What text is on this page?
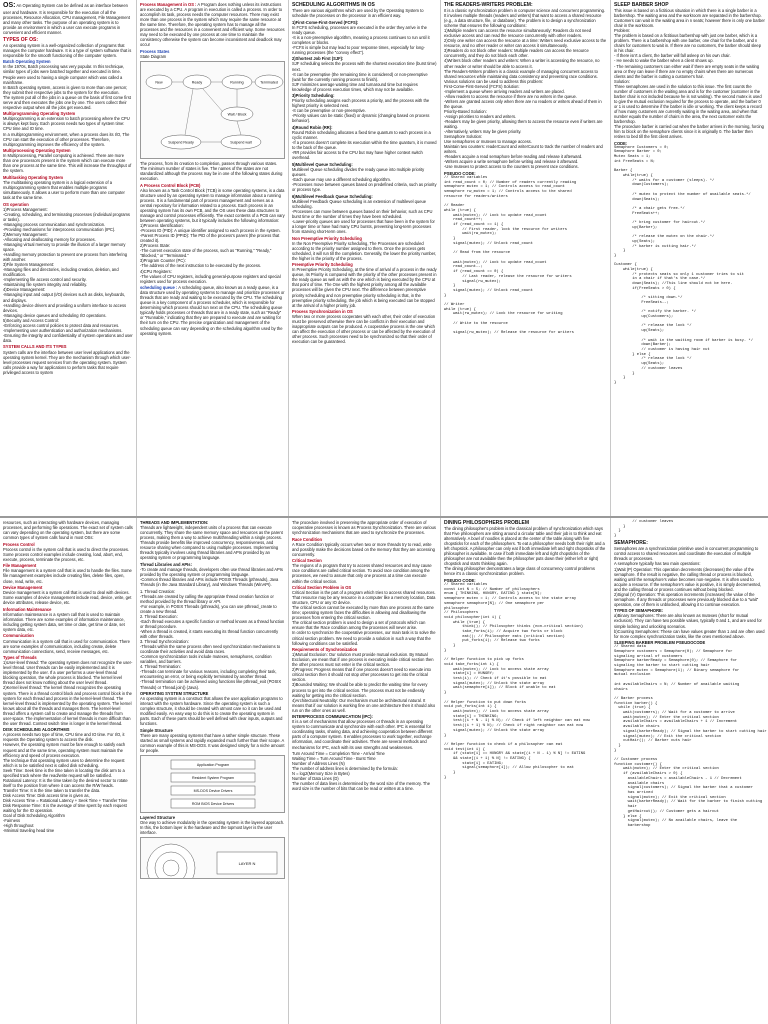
OS: An Operating System can be defined as an interface between user and hardware. It is responsible for the execution of all the processes, Resource Allocation, CPU management, File Management and many other tasks. The purpose of an operating system is to provide an environment in which a user can execute programs in convenient and efficient manner.
TYPES OF OS:

An operating system is a well-organized collection of programs that manages the computer hardware. It is a type of system software that is responsible for the smooth functioning of the computer system.

Batch Operating System

In the 1970s, Batch processing was very popular. In this technique, similar types of jobs were batched together and executed in time. People were used to having a single computer which was called a mainframe.
In Batch operating system, access is given to more than one person; they submit their respective jobs to the system for the execution.
The system put all of the jobs in a queue on the basis of first come first serve and then executes the jobs one by one. The users collect their respective output when all the jobs get executed.

Multiprogramming Operating System

Multiprogramming is an extension to batch processing where the CPU is always kept busy. Each process needs two types of system time: CPU time and IO time.
In a multiprogramming environment, when a process does its I/O, The CPU can start the execution of other processes. Therefore, multiprogramming improves the efficiency of the system.

Multiprocessing Operating System

In Multiprocessing, Parallel computing is achieved. There are more than one processors present in the system which can execute more than one process at the same time. This will increase the throughput of the system.

Multitasking Operating System

The multitasking operating system is a logical extension of a multiprogramming system that enables multiple programs simultaneously. It allows a user to perform more than one computer task at the same time.

OS operation

1)Process Management:
-Creating, scheduling, and terminating processes (individual programs or tasks).
-Managing process communication and synchronization.
-Providing mechanisms for interprocess communication (IPC).
2)Memory Management:
-Allocating and deallocating memory for processes.
-Managing virtual memory to provide the illusion of a larger memory space.
-Handling memory protection to prevent one process from interfering with another.
3)File System Management:
-Managing files and directories, including creation, deletion, and modification.
-Implementing file access control and security.
-Maintaining file system integrity and reliability.
4)Device Management:
-Managing input and output (I/O) devices such as disks, keyboards, and displays.
-Handling device drivers and providing a uniform interface to access devices.
-Managing device queues and scheduling I/O operations.
5)Security and Access Control:
-Enforcing access control policies to protect data and resources.
-Implementing user authentication and authorization mechanisms.
-Ensuring the integrity and confidentiality of system operations and user data.

SYSTEM CALLS AND ITS TYPES

System calls are the interface between user level applications and the operating system kernel. They are the mechanism through which user-level processes request services from the operating system. System calls provide a way for applications to perform tasks that require privileged access to system

Process Management in OS : A Program does nothing unless its instructions are executed by a CPU. A program in execution is called a process. In order to accomplish its task, process needs the computer resources. There may exist more than one process in the system which may require the same resource at the same time. Therefore, the operating system has to manage all the processes and the resources in a convenient and efficient way. Some resources may need to be executed by one process at one time to maintain the consistency otherwise the system can become inconsistent and deadlock may occur
Process States

State Diagram

New	Ready	Running	Terminated
Wait / Block
Suspend Ready	Suspend wait

The process, from its creation to completion, passes through various states. The minimum number of states is five. The names of the states are not standardized although the process may be in one of the following states during execution.

A Process Control Block (PCB)

Also known as a Task Control Block (TCB) in some operating systems, is a data structure used by an operating system to manage information about a running process. It is a fundamental part of process management and serves as a central repository for information related to a process. Each process in an operating system has its own PCB, and the OS uses these data structures to manage and control processes efficiently. The exact contents of a PCB can vary between operating systems, but it typically includes the following information:
1)Process Identification:
-Process ID (PID): A unique identifier assigned to each process in the system.
-Parent Process ID (PPID): The PID of the process's parent (the process that created it).
2)Process State:
-The current execution state of the process, such as "Running," "Ready," "Blocked," or "Terminated."
3)Program Counter (PC):
-The address of the next instruction to be executed by the process.
4)CPU Registers:
-The values of CPU registers, including general-purpose registers and special registers used for process execution.

scheduling queue : A scheduling queue, also known as a ready queue, is a data structure used by operating systems to manage and prioritize processes or threads that are ready and waiting to be executed by the CPU. The scheduling queue is a key component of a process scheduler, which is responsible for determining which process should run next on the CPU. The scheduling queue typically holds processes or threads that are in a ready state, such as "Ready" or "Runnable," indicating that they are prepared to execute and are waiting for their turn on the CPU. The precise organization and management of the scheduling queue can vary depending on the scheduling algorithm used by the operating system.
SCHEDULING ALGORITHMS IN OS

There are various algorithms which are used by the Operating System to schedule the processes on the processor in an efficient way.

1)First-Come-First-Served (FCFS):

In FCFS scheduling, processes are executed in the order they arrive in the ready queue.
-It is a non-preemptive algorithm, meaning a process continues to run until it completes or blocks.
-FCFS is simple but may lead to poor response times, especially for long-running processes (the "convoy effect").

2)Shortest Job First (SJF):

SJF scheduling selects the process with the shortest execution time (burst time) next.
-It can be preemptive (the remaining time is considered) or non-preemptive (wait for the currently running process to finish).
SJF minimizes average waiting time and turnaround time but requires knowledge of process execution times, which may not be available.

3)Priority Scheduling:

Priority scheduling assigns each process a priority, and the process with the highest priority is selected next.
-It can be preemptive or non-preemptive.
-Priority values can be static (fixed) or dynamic (changing based on process behavior).

4)Round Robin (RR):

Round Robin scheduling allocates a fixed time quantum to each process in a cyclic manner.
-If a process doesn't complete its execution within the time quantum, it is moved to the back of the queue.
-RR provides fair access to the CPU but may have higher context switch overhead.

5)Multilevel Queue Scheduling:

Multilevel Queue scheduling divides the ready queue into multiple priority queues.
-Each queue may use a different scheduling algorithm.
-Processes move between queues based on predefined criteria, such as priority or process type.

6)Multilevel Feedback Queue Scheduling:

Multilevel Feedback Queue scheduling is an extension of multilevel queue scheduling.
-Processes can move between queues based on their behavior, such as CPU burst time or the number of times they have been scheduled.
-Lower-priority queues are used for processes that have been in the system for a longer time or have had many CPU bursts, preventing long-term processes from starving short-term ones.

Non Preemptive Priority Scheduling

In the Non Preemptive Priority scheduling, The Processes are scheduled according to the priority number assigned to them. Once the process gets scheduled, it will run till the completion. Generally, the lower the priority number, the higher is the priority of the process.

Preemptive Priority Scheduling

In Preemptive Priority Scheduling, at the time of arrival of a process in the ready queue, its Priority is compared with the priority of the other processes present in the ready queue as well as with the one which is being executed by the CPU at that point of time. The One with the highest priority among all the available processes will be given the CPU next. The difference between preemptive priority scheduling and non preemptive priority scheduling is that, in the preemptive priority scheduling, the job which is being executed can be stopped at the arrival of a higher priority job.

Process Synchronization in OS

When two or more process cooperates with each other, their order of execution must be preserved otherwise there can be conflicts in their execution and inappropriate outputs can be produced. A cooperative process is the one which can affect the execution of other process or can be affected by the execution of other process. Such processes need to be synchronized so that their order of execution can be guaranteed.

THE READERS-WRITERS PROBLEM:

It is a classic synchronization problem in computer science and concurrent programming. It involves multiple threads (readers and writers) that want to access a shared resource (e.g., a data structure, file, or database). The problem is to design a synchronization scheme that ensures the following conditions:
1)Multiple readers can access the resource simultaneously: Readers do not need exclusive access and can read the resource concurrently with other readers.
2)Only one writer can access the resource at a time: Writers need exclusive access to the resource, and no other reader or writer can access it simultaneously.
3)Readers do not block other readers: Multiple readers can access the resource concurrently, and they do not block each other.
4)Writers block other readers and writers: When a writer is accessing the resource, no other reader or writer should be able to access it.
The Readers-Writers problem is a classic example of managing concurrent access to shared resources while maintaining data consistency and preventing race conditions. Various solutions can be used to address this problem:
First-Come-First-Served (FCFS) Solution:
-Implement a queue where arriving readers and writers are placed.
-Allow readers to access the resource if there are no writers in the queue.
-Writers are granted access only when there are no readers or writers ahead of them in the queue.
Priority-Based Solution:
-Assign priorities to readers and writers.
-Readers may be given priority, allowing them to access the resource even if writers are waiting.
-Alternatively, writers may be given priority.
Semaphore Solution:
Use semaphores or mutexes to manage access.
Maintain two counters: readerCount and writerCount to track the number of readers and writers.
-Readers acquire a read semaphore before reading and release it afterward.
-Writers acquire a write semaphore before writing and release it afterward.
-Use mutexes to protect access to the counters to prevent race conditions.

PSEUDO CODE:
// Shared variables
int read_count = 0; // Number of readers currently reading
semaphore mutex = 1; // Controls access to read_count
semaphore rw_mutex = 1; // Controls access to the shared
resource for readers/writers

// Reader
while (true) {
wait(mutex); // Lock to update read_count
read_count++;
if (read_count == 1) {
// First reader, lock the resource for writers
wait(rw_mutex);
}
signal(mutex); // Unlock read_count

// Read from the resource

wait(mutex); // Lock to update read_count
read_count--;
if (read_count == 0) {
// Last reader, release the resource for writers
signal(rw_mutex);
}
signal(mutex); // Unlock read_count
}

// Writer
while (true) {
wait(rw_mutex); // Lock the resource for writing

// Write to the resource

signal(rw_mutex); // Release the resource for writers
SLEEP BARBER SHOP

This issue is based on a fictitious situation in which there is a single barber in a barbershop. The waiting area and the workroom are separated in the barbershop. Customers can wait in the waiting area in n seats; however there is only one barber chair in the workroom.
Problem:
The problem is based on a fictitious barbershop with just one barber, which is a problem. There is a barbershop with one barber, one chair for the barber, and n chairs for customers to wait in. If there are no customers, the barber should sleep in his chair.
- If there isn't a client, the barber will fall asleep on his own chair.
- He needs to wake the barber when a client shows up.
- The remaining customers can either wait if there are empty seats in the waiting area or they can leave if there are no empty chairs when there are numerous clients and the barber is cutting a customer's hair.
Solution:
Three semaphores are used in the solution to this issue. The first counts the number of customers in the waiting area and is for the customer (customer in the barber chair is not included because he is not waiting). The second mutex is used to give the mutual exclusion required for the process to operate, and the barber 0 or 1 is used to determine if the barber is idle or working. The client keeps a record of how many customers are currently waiting in the waiting area, and when that number equals the number of chairs in the area, the next customer exits the barbershop.
The procedure barber is carried out when the barber arrives in the morning, forcing him to block on the semaphore clients since it is originally 0. The barber then retires to bed till the first client arrives.

CODE:
Semaphore Customers = 0;
Semaphore Barber = 0;
Mutex Seats = 1;
int FreeSeats = N;

Barber {
while(true) {
/* waits for a customer (sleeps). */
down(Customers);

/* mutex to protect the number of available seats.*/
down(Seats);

/* a chair gets free.*/
FreeSeats++;

/* bring customer for haircut.*/
up(Barber);

/* release the mutex on the chair.*/
up(Seats);
/* barber is cutting hair.*/
}
}

Customer {
while(true) {
/* protects seats so only 1 customer tries to sit
in a chair if that's the case.*/
down(Seats); //This line should not be here.
if(FreeSeats > 0) {

/* sitting down.*/
FreeSeats--;

/* notify the barber. */
up(Customers);

/* release the lock */
up(Seats);

/* wait in the waiting room if barber is busy. */
down(Barber);
// customer is having hair cut
} else {
/* release the lock */
up(Seats);
// customer leaves
}
}
}

resources, such as interacting with hardware devices, managing processes, and performing file operations. The exact set of system calls can vary depending on the operating system, but there are some common types of system calls found in most OSs:

Process Control

Process control is the system call that is used to direct the processes. Some process control examples include creating, load, abort, end, execute, process, terminate the process, etc.

File Management

File management is a system call that is used to handle the files. Some file management examples include creating files, delete files, open, close, read, write, etc.

Device Management

Device management is a system call that is used to deal with devices. Some examples of device management include read, device, write, get device attributes, release device, etc.

Information Maintenance

Information maintenance is a system call that is used to maintain information. There are some examples of information maintenance, including getting system data, set time or date, get time or date, set system data, etc.

Communication

Communication is a system call that is used for communication. There are some examples of communication, including create, delete communication connections, send, receive messages, etc.

Types of Threads

1)User-level thread: The operating system does not recognize the user-level thread. User threads can be easily implemented and it is implemented by the user. If a user performs a user-level thread blocking operation, the whole process is blocked. The kernel level thread does not know nothing about the user level thread.
2)Kernel level thread: The kernel thread recognizes the operating system. There is a thread control block and process control block in the system for each thread and process in the kernel-level thread. The kernel-level thread is implemented by the operating system. The kernel knows about all the threads and manages them. The kernel-level thread offers a system call to create and manage the threads from user-space. The implementation of kernel threads is more difficult than the user thread. Context switch time is longer in the kernel thread.

DISK SCHEDULING ALGORITHMS

A process needs two type of time, CPU time and IO time. For I/O, it requests the Operating system to access the disk.
However, the operating system must be fare enough to satisfy each request and at the same time, operating system must maintain the efficiency and speed of process execution.
The technique that operating system uses to determine the request which is to be satisfied next is called disk scheduling.
Seek Time: Seek time is the time taken in locating the disk arm to a specified track where the read/write request will be satisfied.
Rotational Latency: It is the time taken by the desired sector to rotate itself to the position from where it can access the R/W heads.
Transfer Time: It is the time taken to transfer the data.
Disk Access Time: Disk access time is given as,
Disk Access Time = Rotational Latency + Seek Time + Transfer Time
Disk Response Time: It is the average of time spent by each request waiting for the IO operation.
Goal of Disk Scheduling Algorithm
-Fairness
-High throughout
-Minimal traveling head time

THREADS AND IMPLEMENTATION:

Threads are lightweight, independent units of a process that can execute concurrently. They share the same memory space and resources as the parent process, making them a way to achieve multithreading within a single process. Threads provide benefits like improved concurrency, responsiveness, and resource sharing when compared to using multiple processes. Implementing threads typically involves using thread libraries and APIs provided by an operating system or programming language.

Thread Libraries and APIs:

-To create and manage threads, developers often use thread libraries and APIs provided by the operating system or programming language.
-Common thread libraries and APIs include POSIX Threads (pthreads), Java Threads (in the Java Standard Library), and Windows Threads (WinAPI).

1. Thread Creation:
-Threads are created by calling the appropriate thread creation function or method provided by the thread library or API.
-For example, in POSIX Threads (pthreads), you can use pthread_create to create a new thread.
2. Thread Execution:
-Each thread executes a specific function or method known as a thread function or thread procedure.
-When a thread is created, it starts executing its thread function concurrently with other threads.
3. Thread Synchronization:
-Threads within the same process often need synchronization mechanisms to coordinate their activities and avoid data races.
-Common synchronization tools include mutexes, semaphores, condition variables, and barriers.
4. Thread Termination:
-Threads can terminate for various reasons, including completing their task, encountering an error, or being explicitly terminated by another thread.
-Thread termination can be achieved using functions like pthread_exit (POSIX Threads) or Thread.join() (Java).

OPERATING SYSTEM STRUCTURE

An operating system is a construct that allows the user application programs to interact with the system hardware. Since the operating system is such a complex structure, it should be created with utmost care so it can be used and modified easily. An easy way to do this is to create the operating system in parts. Each of these parts should be well defined with clear inputs, outputs and functions.

Simple Structure

There are many operating systems that have a rather simple structure. These started as small systems and rapidly expanded much further than their scope. A common example of this is MS-DOS. It was designed simply for a niche amount for people.

Application Program
Resident System Program
MS-DOS Device Drivers
ROM BIOS Device Drivers
Layered Structure

One way to achieve modularity in the operating system is the layered approach. In this, the bottom layer is the hardware and the topmost layer is the user interface.

LAYER N

The procedure involved in preserving the appropriate order of execution of cooperative processes is known as Process Synchronization. There are various synchronization mechanisms that are used to synchronize the processes.

Race Condition

A Race Condition typically occurs when two or more threads try to read, write and possibly make the decisions based on the memory that they are accessing concurrently.

Critical Section

The regions of a program that try to access shared resources and may cause race conditions are called critical section. To avoid race condition among the processes, we need to assure that only one process at a time can execute within the critical section.

Critical Section Problem in OS

Critical Section is the part of a program which tries to access shared resources. That resource may be any resource in a computer like a memory location, Data structure, CPU or any IO device.
The critical section cannot be executed by more than one process at the same time; operating system faces the difficulties in allowing and disallowing the processes from entering the critical section.
The critical section problem is used to design a set of protocols which can ensure that the Race condition among the processes will never arise.
In order to synchronize the cooperative processes, our main task is to solve the critical section problem. We need to provide a solution in such a way that the following conditions can be satisfied.

Requirements of Synchronization

1)Mutual Exclusion: Our solution must provide mutual exclusion. By Mutual Exclusion, we mean that if one process is executing inside critical section then the other process must not enter in the critical section.
2)Progress: Progress means that if one process doesn't need to execute into critical section then it should not stop other processes to get into the critical section.
3)Bounded Waiting: We should be able to predict the waiting time for every process to get into the critical section. The process must not be endlessly waiting for getting into the critical section.
4)Architectural Neutrality: Our mechanism must be architectural natural. It means that if our solution is working fine on one architecture then it should also run on the other ones as well.

INTERPROCESS COMMUNICATION (IPC):

It is a set of mechanisms that allow processes or threads in an operating system to communicate and synchronize with each other. IPC is essential for coordinating tasks, sharing data, and achieving cooperation between different parts of a computer system. It enables processes to work together, exchange information, and coordinate their activities. There are several methods and mechanisms for IPC, each with its own strengths and weaknesses.

Turn Around Time = Completion Time - Arrival Time
Waiting Time = Turn Around Time - Burst Time
Number of Address Lines (N)
The number of address lines is determined by the formula:
N = log2(Memory Size in Bytes)
Number of Data Lines (D)
The number of data lines is determined by the word size of the memory. The word size is the number of bits that can be read or written at a time.

DINING PHILOSOPHERS PROBLEM

The dining philosopher's problem is the classical problem of synchronization which says that Five philosophers are sitting around a circular table and their job is to think and eat alternatively. A bowl of noodles is placed at the center of the table along with five chopsticks for each of the philosophers. To eat a philosopher needs both their right and a left chopstick. A philosopher can only eat if both immediate left and right chopsticks of the philosopher is available. In case if both immediate left and right chopsticks of the philosopher are not available then the philosopher puts down their (either left or right) chopstick and starts thinking again.
The dining philosopher demonstrates a large class of concurrency control problems hence it's a classic synchronization problem.

PSEUDO CODE:
// Shared variables
const int N = 5; // Number of philosophers
enum { THINKING, HUNGRY, EATING } state[N];
semaphore mutex = 1; // Controls access to the state array
semaphore semaphore[N]; // One semaphore per
philosopher
// Philosophers
void philosopher(int i) {
while (true) {
think(); // Philosopher thinks (non-critical section)
take_forks(i); // Acquire two forks or block
eat(); // Philosopher eats (critical section)
put_forks(i); // Release two forks
}
}

// Helper function to pick up forks
void take_forks(int i) {
wait(mutex); // Lock to access state array
state[i] = HUNGRY;
test(i); // Check if it's possible to eat
signal(mutex); // Unlock the state array
wait(semaphore[i]); // Block if unable to eat
}

// Helper function to put down forks
void put_forks(int i) {
wait(mutex); // Lock to access state array
state[i] = THINKING;
test((i + N - 1) % N); // Check if left neighbor can eat now
test((i + 1) % N); // Check if right neighbor can eat now
signal(mutex); // Unlock the state array
}

// Helper function to check if a philosopher can eat
void test(int i) {
if (state[i] == HUNGRY && state[(i + N - 1) % N] != EATING
&& state[(i + 1) % N] != EATING) {
state[i] = EATING;
signal(semaphore[i]); // Allow philosopher to eat
}
}
// customer leaves
}
}
}
SEMAPHORE:

Semaphores are a synchronization primitive used in concurrent programming to control access to shared resources and coordinate the execution of multiple threads or processes.
A semaphore typically has two main operations:
1)Wait (P) Operation: This operation decrements (decreases) the value of the semaphore. If the result is negative, the calling thread or process is blocked, waiting until the semaphore's value becomes non-negative. It is often used to acquire a resource. If the semaphore's value is positive, it is simply decremented, and the calling thread or process continues without being blocked.
2)Signal (V) Operation: This operation increments (increases) the value of the semaphore. If any threads or processes were previously blocked due to a "wait" operation, one of them is unblocked, allowing it to continue execution.

TYPES OF SEMAPHORE:

a)Binary Semaphores: There are also known as mutexes (short for mutual exclusion). They can have two possible values, typically 0 and 1, and are used for simple locking and unlocking scenarios.
b)Counting Semaphores: These can have values greater than 1 and are often used for more complex synchronization tasks, like the ones mentioned above.

SLEEPING BARBER PROBLEM PSEUDOCODE
// Shared data
Semaphore customers = Semaphore(0); // Semaphore for
signaling arrival of customers
Semaphore barberReady = Semaphore(0); // Semaphore for
signaling the barber to start cutting hair
Semaphore mutex = Semaphore(1); // Binary semaphore for
mutual exclusion

int availableChairs = N; // Number of available waiting
chairs

// Barber process
function barber() {
while (true) {
wait(customers); // Wait for a customer to arrive
wait(mutex); // Enter the critical section
availableChairs = availableChairs + 1 // Increment
available chairs
signal(barberReady); // Signal the barber to start cutting hair
signal(mutex); // Exit the critical section
cutHair(); // Barber cuts hair
}
}

// Customer process
function customer() {
wait(mutex); // Enter the critical section
if (availableChairs > 0) {
availableChairs = availableChairs - 1 // Decrement
available chairs
signal(customers); // Signal the barber that a customer
has arrived
signal(mutex); // Exit the critical section
wait(barberReady); // Wait for the barber to finish cutting
hair
getHaircut(); // Customer gets a haircut
} else {
signal(mutex); // No available chairs, leave the
barbershop
